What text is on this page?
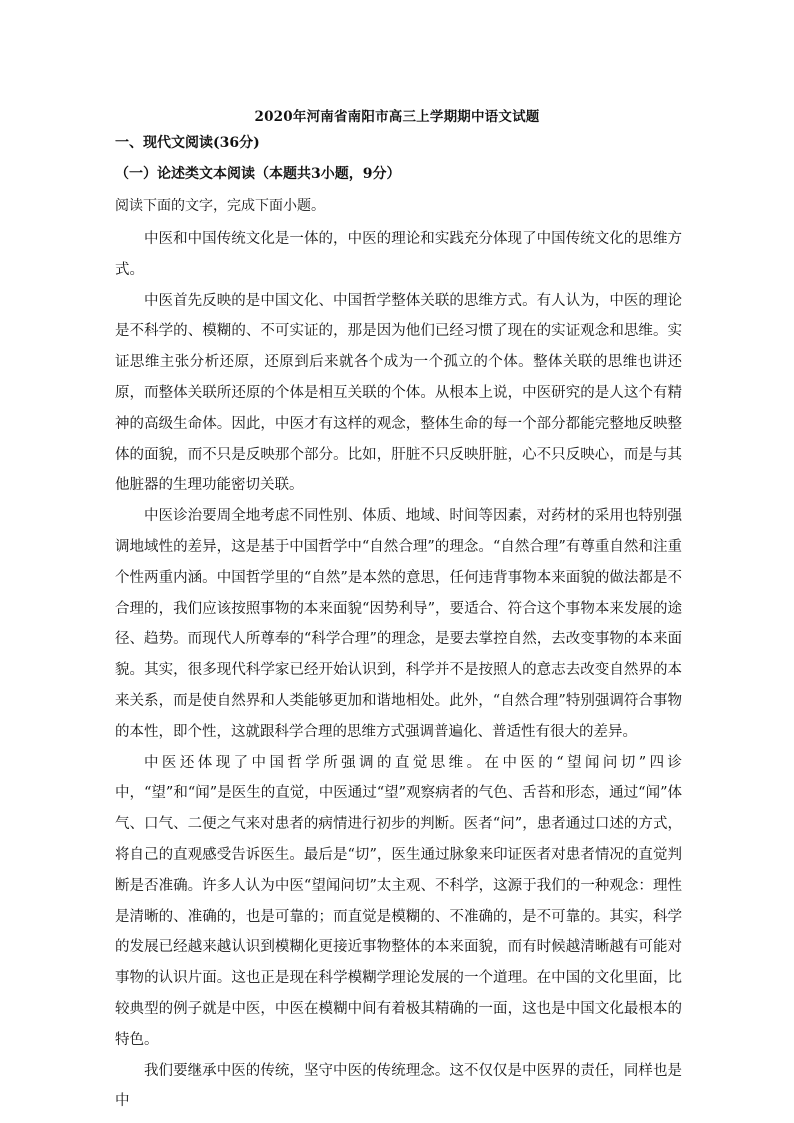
2020年河南省南阳市高三上学期期中语文试题
一、现代文阅读(36分)
（一）论述类文本阅读（本题共3小题，9分）
阅读下面的文字，完成下面小题。

中医和中国传统文化是一体的，中医的理论和实践充分体现了中国传统文化的思维方式。

中医首先反映的是中国文化、中国哲学整体关联的思维方式。有人认为，中医的理论是不科学的、模糊的、不可实证的，那是因为他们已经习惯了现在的实证观念和思维。实证思维主张分析还原，还原到后来就各个成为一个孤立的个体。整体关联的思维也讲还原，而整体关联所还原的个体是相互关联的个体。从根本上说，中医研究的是人这个有精神的高级生命体。因此，中医才有这样的观念，整体生命的每一个部分都能完整地反映整体的面貌，而不只是反映那个部分。比如，肝脏不只反映肝脏，心不只反映心，而是与其他脏器的生理功能密切关联。

中医诊治要周全地考虑不同性别、体质、地域、时间等因素，对药材的采用也特别强调地域性的差异，这是基于中国哲学中“自然合理”的理念。“自然合理”有尊重自然和注重个性两重内涵。中国哲学里的“自然”是本然的意思，任何违背事物本来面貌的做法都是不合理的，我们应该按照事物的本来面貌“因势利导”，要适合、符合这个事物本来发展的途径、趋势。而现代人所尊奉的“科学合理”的理念，是要去掌控自然，去改变事物的本来面貌。其实，很多现代科学家已经开始认识到，科学并不是按照人的意志去改变自然界的本来关系，而是使自然界和人类能够更加和谐地相处。此外，“自然合理”特别强调符合事物的本性，即个性，这就跟科学合理的思维方式强调普遍化、普适性有很大的差异。

中医还体现了中国哲学所强调的直觉思维。在中医的“望闻问切”四诊中，“望”和“闻”是医生的直觉，中医通过“望”观察病者的气色、舌苔和形态，通过“闻”体气、口气、二便之气来对患者的病情进行初步的判断。医者“问”，患者通过口述的方式，将自己的直观感受告诉医生。最后是“切”，医生通过脉象来印证医者对患者情况的直觉判断是否准确。许多人认为中医“望闻问切”太主观、不科学，这源于我们的一种观念：理性是清晰的、准确的，也是可靠的；而直觉是模糊的、不准确的，是不可靠的。其实，科学的发展已经越来越认识到模糊化更接近事物整体的本来面貌，而有时候越清晰越有可能对事物的认识片面。这也正是现在科学模糊学理论发展的一个道理。在中国的文化里面，比较典型的例子就是中医，中医在模糊中间有着极其精确的一面，这也是中国文化最根本的特色。

我们要继承中医的传统，坚守中医的传统理念。这不仅仅是中医界的责任，同样也是中
